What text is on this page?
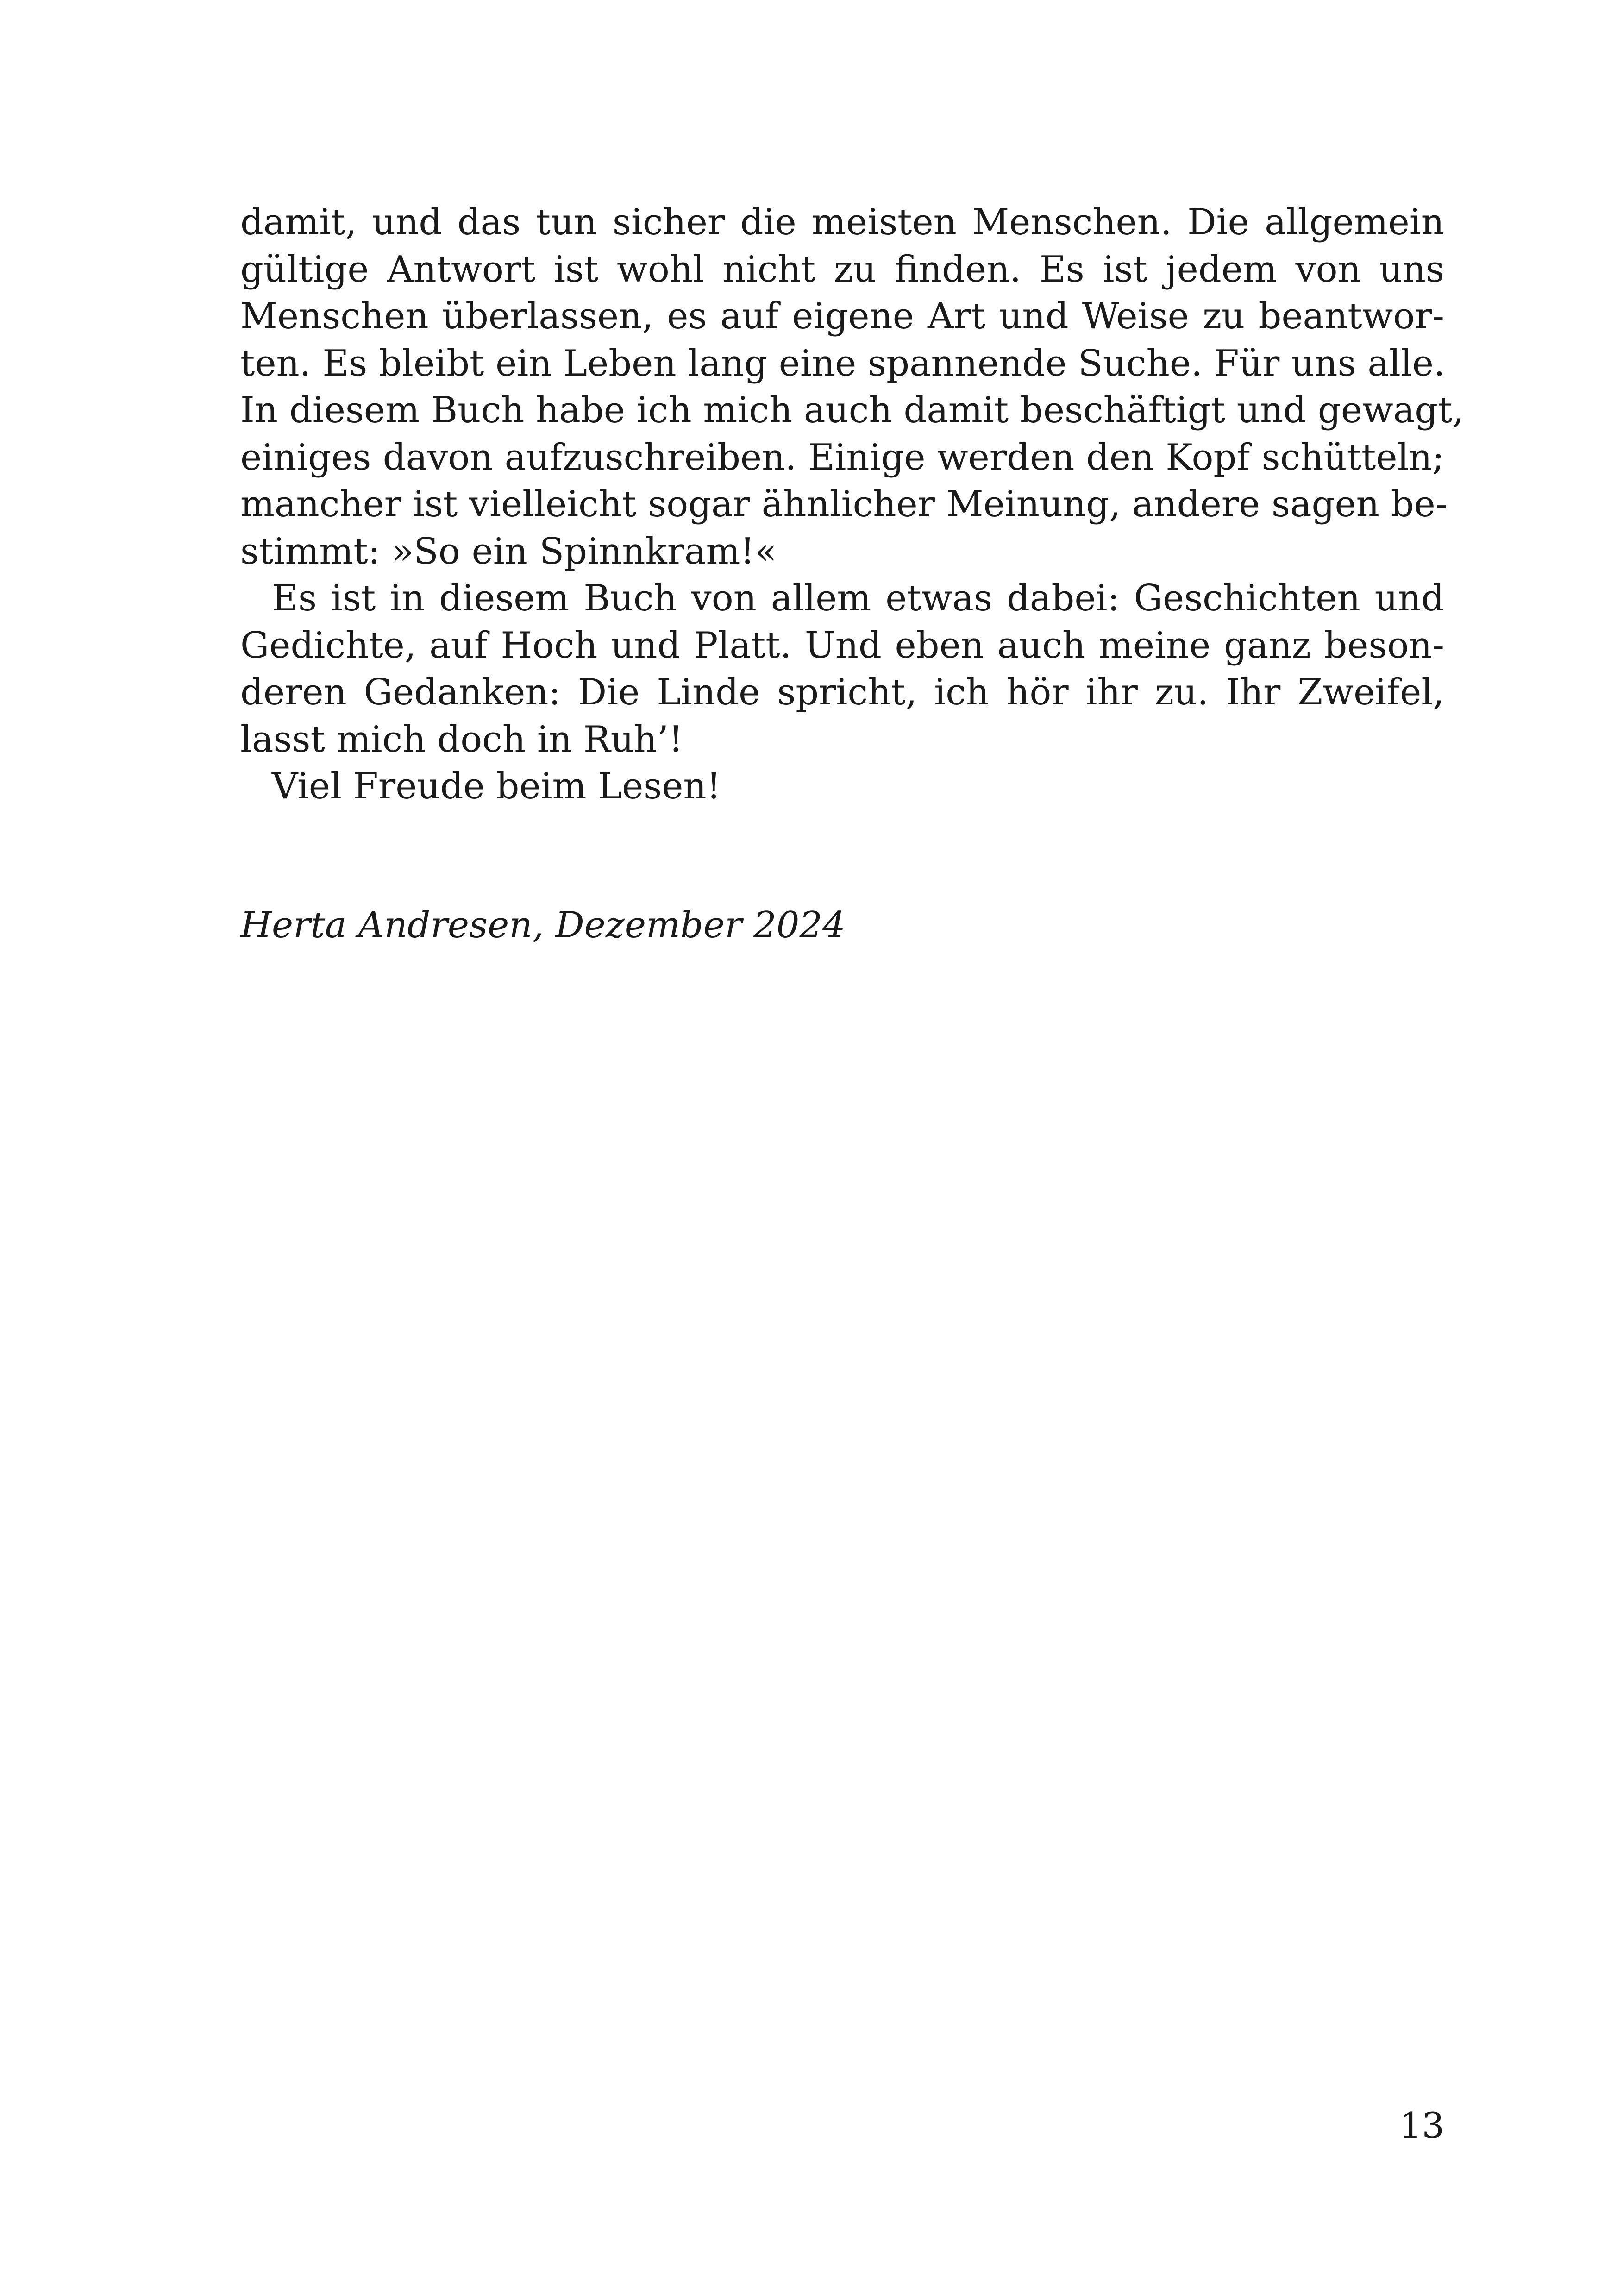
damit, und das tun sicher die meisten Menschen. Die allgemein
gültige Antwort ist wohl nicht zu finden. Es ist jedem von uns
Menschen überlassen, es auf eigene Art und Weise zu beantwor-
ten. Es bleibt ein Leben lang eine spannende Suche. Für uns alle.
In diesem Buch habe ich mich auch damit beschäftigt und gewagt,
einiges davon aufzuschreiben. Einige werden den Kopf schütteln;
mancher ist vielleicht sogar ähnlicher Meinung, andere sagen be-
stimmt: »So ein Spinnkram!«
Es ist in diesem Buch von allem etwas dabei: Geschichten und
Gedichte, auf Hoch und Platt. Und eben auch meine ganz beson-
deren Gedanken: Die Linde spricht, ich hör ihr zu. Ihr Zweifel,
lasst mich doch in Ruh’!
Viel Freude beim Lesen!
Herta Andresen, Dezember 2024
13
